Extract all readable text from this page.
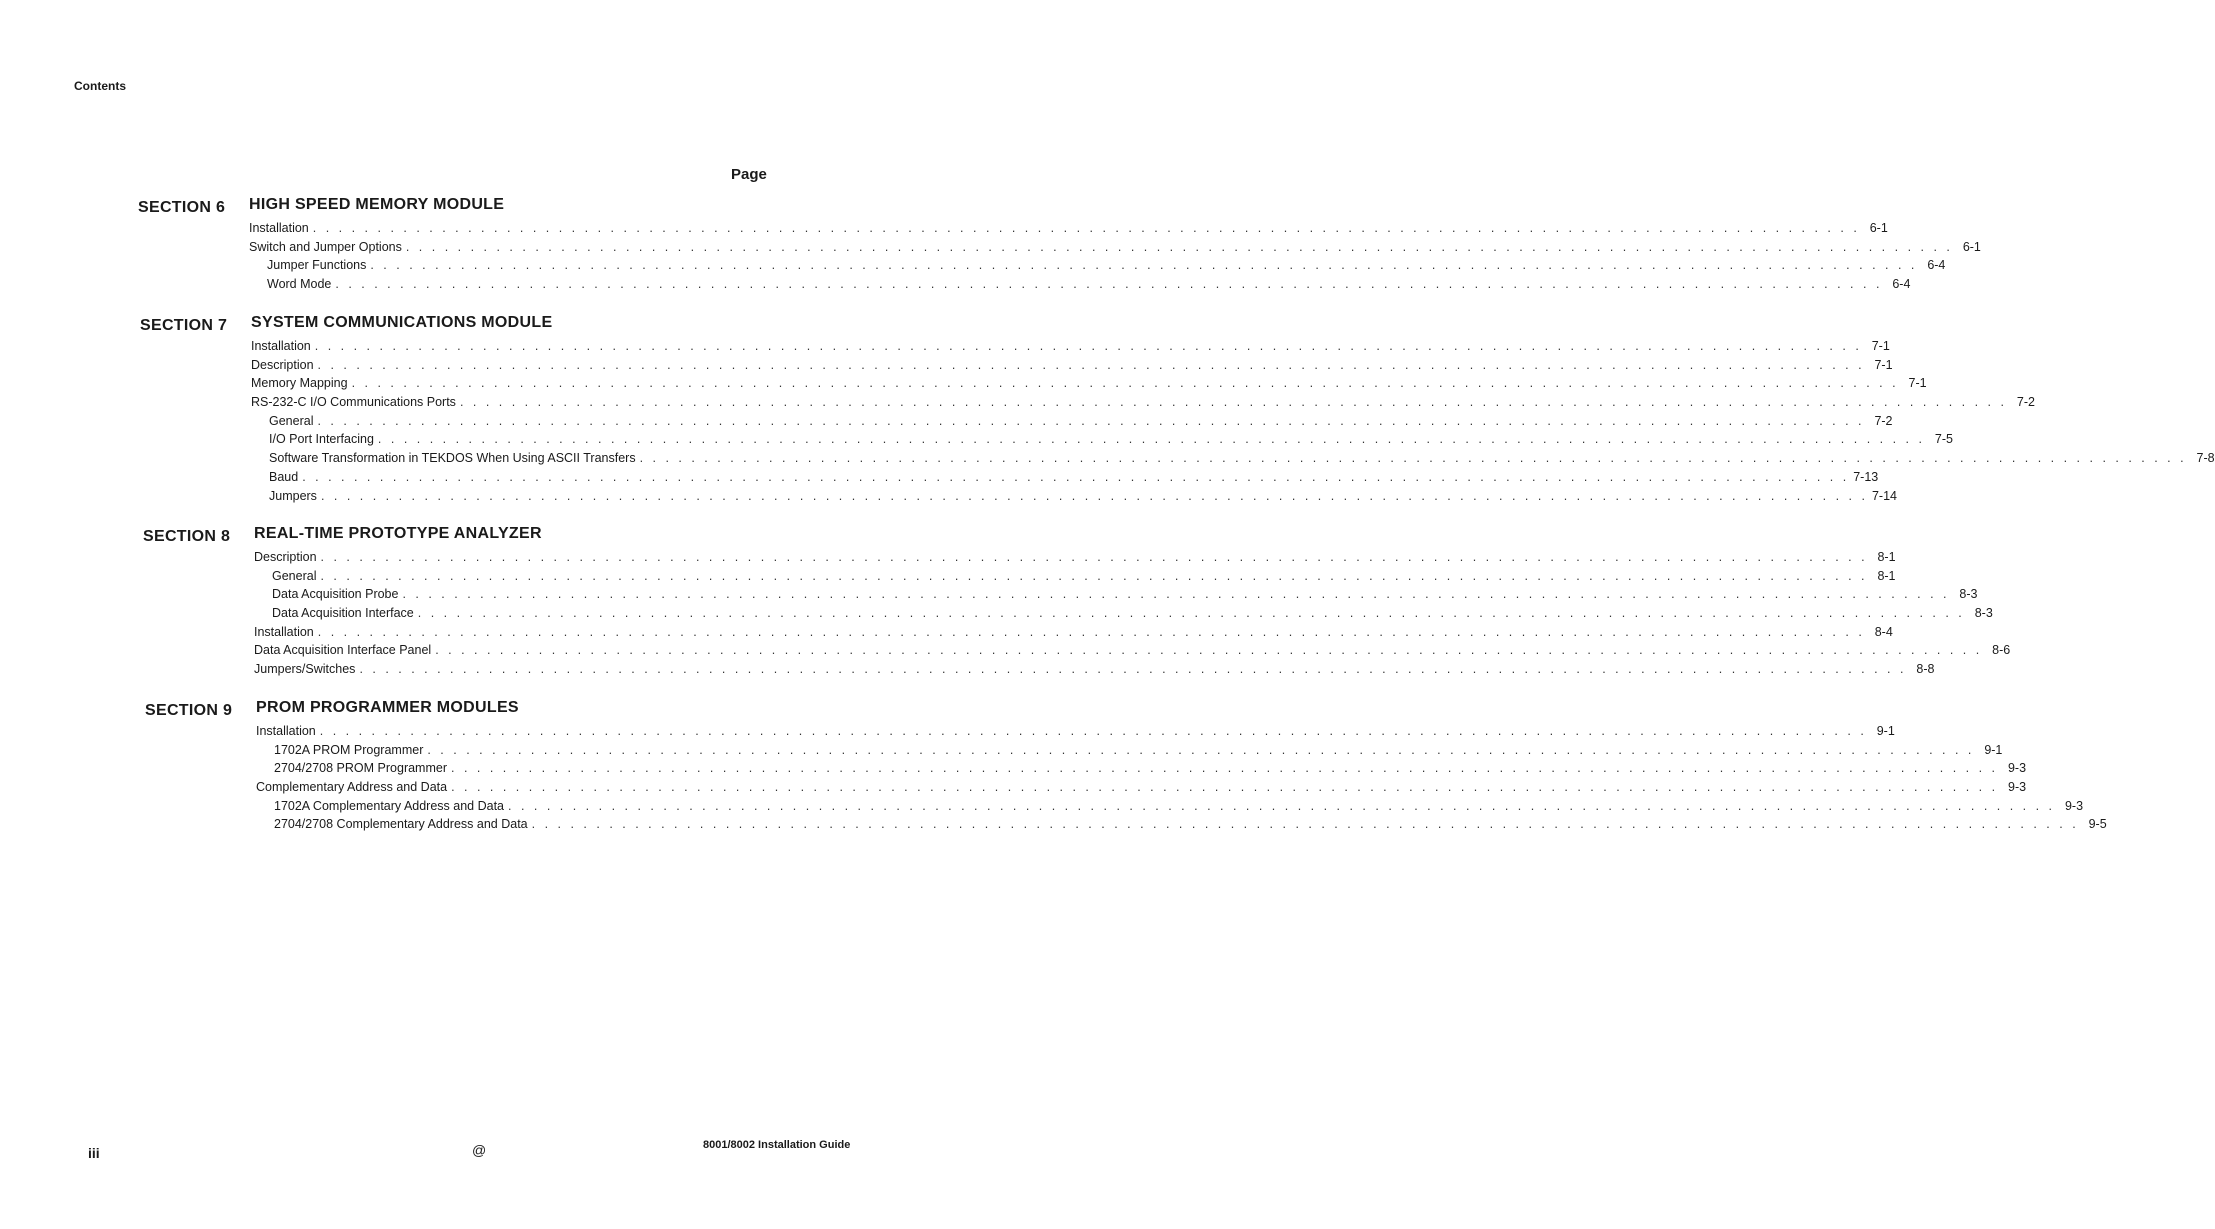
Contents
Page
SECTION 6 HIGH SPEED MEMORY MODULE
Installation . . . . . . . . . . . . . . . . . . . . . . . . . . . . . . . . . . . . . . . . . . . . . . . . . . . . . . . . . . . . . . . . . . . . . . . . . . . . . . . . . . . . . . . . . . . . . . . . . . . . . . . . . . . . . . . . . . . . . . . . 6-1
Switch and Jumper Options . . . . . . . . . . . . . . . . . . . . . . . . . . . . . . . . . . . . . . . . . . . . . . . . . . . . . . . . . . . . . . . . . . . . . . . . . . . . . . . . . . . . . . . . . . . . . . . . . . . . . . . . . . . . . . . . . . . . . . . . 6-1
Jumper Functions . . . . . . . . . . . . . . . . . . . . . . . . . . . . . . . . . . . . . . . . . . . . . . . . . . . . . . . . . . . . . . . . . . . . . . . . . . . . . . . . . . . . . . . . . . . . . . . . . . . . . . . . . . . . . . . . . . . . . . . . 6-4
Word Mode . . . . . . . . . . . . . . . . . . . . . . . . . . . . . . . . . . . . . . . . . . . . . . . . . . . . . . . . . . . . . . . . . . . . . . . . . . . . . . . . . . . . . . . . . . . . . . . . . . . . . . . . . . . . . . . . . . . . . . . . 6-4
SECTION 7 SYSTEM COMMUNICATIONS MODULE
Installation . . . . . . . . . . . . . . . . . . . . . . . . . . . . . . . . . . . . . . . . . . . . . . . . . . . . . . . . . . . . . . . . . . . . . . . . . . . . . . . . . . . . . . . . . . . . . . . . . . . . . . . . . . . . . . . . . . . . . . . . 7-1
Description . . . . . . . . . . . . . . . . . . . . . . . . . . . . . . . . . . . . . . . . . . . . . . . . . . . . . . . . . . . . . . . . . . . . . . . . . . . . . . . . . . . . . . . . . . . . . . . . . . . . . . . . . . . . . . . . . . . . . . . . 7-1
Memory Mapping . . . . . . . . . . . . . . . . . . . . . . . . . . . . . . . . . . . . . . . . . . . . . . . . . . . . . . . . . . . . . . . . . . . . . . . . . . . . . . . . . . . . . . . . . . . . . . . . . . . . . . . . . . . . . . . . . . . . . . . . 7-1
RS-232-C I/O Communications Ports . . . . . . . . . . . . . . . . . . . . . . . . . . . . . . . . . . . . . . . . . . . . . . . . . . . . . . . . . . . . . . . . . . . . . . . . . . . . . . . . . . . . . . . . . . . . . . . . . . . . . . . . . . . . . . . . . . . . . . . . 7-2
General . . . . . . . . . . . . . . . . . . . . . . . . . . . . . . . . . . . . . . . . . . . . . . . . . . . . . . . . . . . . . . . . . . . . . . . . . . . . . . . . . . . . . . . . . . . . . . . . . . . . . . . . . . . . . . . . . . . . . . . . 7-2
I/O Port Interfacing . . . . . . . . . . . . . . . . . . . . . . . . . . . . . . . . . . . . . . . . . . . . . . . . . . . . . . . . . . . . . . . . . . . . . . . . . . . . . . . . . . . . . . . . . . . . . . . . . . . . . . . . . . . . . . . . . . . . . . . . 7-5
Software Transformation in TEKDOS When Using ASCII Transfers . . . . . . . . . . . . . . . . . . . . . . . . . . . . . . . . . . . . . . . . . . . . . . . . . . . . . . . . . . . . . . . . . . . . . . . . . . . . . . . . . . . . . . . . . . . . . . . . . . . . . . . . . . . . . . . . . . . . . . . . 7-8
Baud . . . . . . . . . . . . . . . . . . . . . . . . . . . . . . . . . . . . . . . . . . . . . . . . . . . . . . . . . . . . . . . . . . . . . . . . . . . . . . . . . . . . . . . . . . . . . . . . . . . . . . . . . . . . . . . . . . . . . . . . 7-13
Jumpers . . . . . . . . . . . . . . . . . . . . . . . . . . . . . . . . . . . . . . . . . . . . . . . . . . . . . . . . . . . . . . . . . . . . . . . . . . . . . . . . . . . . . . . . . . . . . . . . . . . . . . . . . . . . . . . . . . . . . . . . 7-14
SECTION 8 REAL-TIME PROTOTYPE ANALYZER
Description . . . . . . . . . . . . . . . . . . . . . . . . . . . . . . . . . . . . . . . . . . . . . . . . . . . . . . . . . . . . . . . . . . . . . . . . . . . . . . . . . . . . . . . . . . . . . . . . . . . . . . . . . . . . . . . . . . . . . . . . 8-1
General . . . . . . . . . . . . . . . . . . . . . . . . . . . . . . . . . . . . . . . . . . . . . . . . . . . . . . . . . . . . . . . . . . . . . . . . . . . . . . . . . . . . . . . . . . . . . . . . . . . . . . . . . . . . . . . . . . . . . . . . 8-1
Data Acquisition Probe . . . . . . . . . . . . . . . . . . . . . . . . . . . . . . . . . . . . . . . . . . . . . . . . . . . . . . . . . . . . . . . . . . . . . . . . . . . . . . . . . . . . . . . . . . . . . . . . . . . . . . . . . . . . . . . . . . . . . . . . 8-3
Data Acquisition Interface . . . . . . . . . . . . . . . . . . . . . . . . . . . . . . . . . . . . . . . . . . . . . . . . . . . . . . . . . . . . . . . . . . . . . . . . . . . . . . . . . . . . . . . . . . . . . . . . . . . . . . . . . . . . . . . . . . . . . . . . 8-3
Installation . . . . . . . . . . . . . . . . . . . . . . . . . . . . . . . . . . . . . . . . . . . . . . . . . . . . . . . . . . . . . . . . . . . . . . . . . . . . . . . . . . . . . . . . . . . . . . . . . . . . . . . . . . . . . . . . . . . . . . . . 8-4
Data Acquisition Interface Panel . . . . . . . . . . . . . . . . . . . . . . . . . . . . . . . . . . . . . . . . . . . . . . . . . . . . . . . . . . . . . . . . . . . . . . . . . . . . . . . . . . . . . . . . . . . . . . . . . . . . . . . . . . . . . . . . . . . . . . . . 8-6
Jumpers/Switches . . . . . . . . . . . . . . . . . . . . . . . . . . . . . . . . . . . . . . . . . . . . . . . . . . . . . . . . . . . . . . . . . . . . . . . . . . . . . . . . . . . . . . . . . . . . . . . . . . . . . . . . . . . . . . . . . . . . . . . . 8-8
SECTION 9 PROM PROGRAMMER MODULES
Installation . . . . . . . . . . . . . . . . . . . . . . . . . . . . . . . . . . . . . . . . . . . . . . . . . . . . . . . . . . . . . . . . . . . . . . . . . . . . . . . . . . . . . . . . . . . . . . . . . . . . . . . . . . . . . . . . . . . . . . . . 9-1
1702A PROM Programmer . . . . . . . . . . . . . . . . . . . . . . . . . . . . . . . . . . . . . . . . . . . . . . . . . . . . . . . . . . . . . . . . . . . . . . . . . . . . . . . . . . . . . . . . . . . . . . . . . . . . . . . . . . . . . . . . . . . . . . . . 9-1
2704/2708 PROM Programmer . . . . . . . . . . . . . . . . . . . . . . . . . . . . . . . . . . . . . . . . . . . . . . . . . . . . . . . . . . . . . . . . . . . . . . . . . . . . . . . . . . . . . . . . . . . . . . . . . . . . . . . . . . . . . . . . . . . . . . . . 9-3
Complementary Address and Data . . . . . . . . . . . . . . . . . . . . . . . . . . . . . . . . . . . . . . . . . . . . . . . . . . . . . . . . . . . . . . . . . . . . . . . . . . . . . . . . . . . . . . . . . . . . . . . . . . . . . . . . . . . . . . . . . . . . . . . . 9-3
1702A Complementary Address and Data . . . . . . . . . . . . . . . . . . . . . . . . . . . . . . . . . . . . . . . . . . . . . . . . . . . . . . . . . . . . . . . . . . . . . . . . . . . . . . . . . . . . . . . . . . . . . . . . . . . . . . . . . . . . . . . . . . . . . . . . 9-3
2704/2708 Complementary Address and Data . . . . . . . . . . . . . . . . . . . . . . . . . . . . . . . . . . . . . . . . . . . . . . . . . . . . . . . . . . . . . . . . . . . . . . . . . . . . . . . . . . . . . . . . . . . . . . . . . . . . . . . . . . . . . . . . . . . . . . . . 9-5
iii	@	8001/8002 Installation Guide
